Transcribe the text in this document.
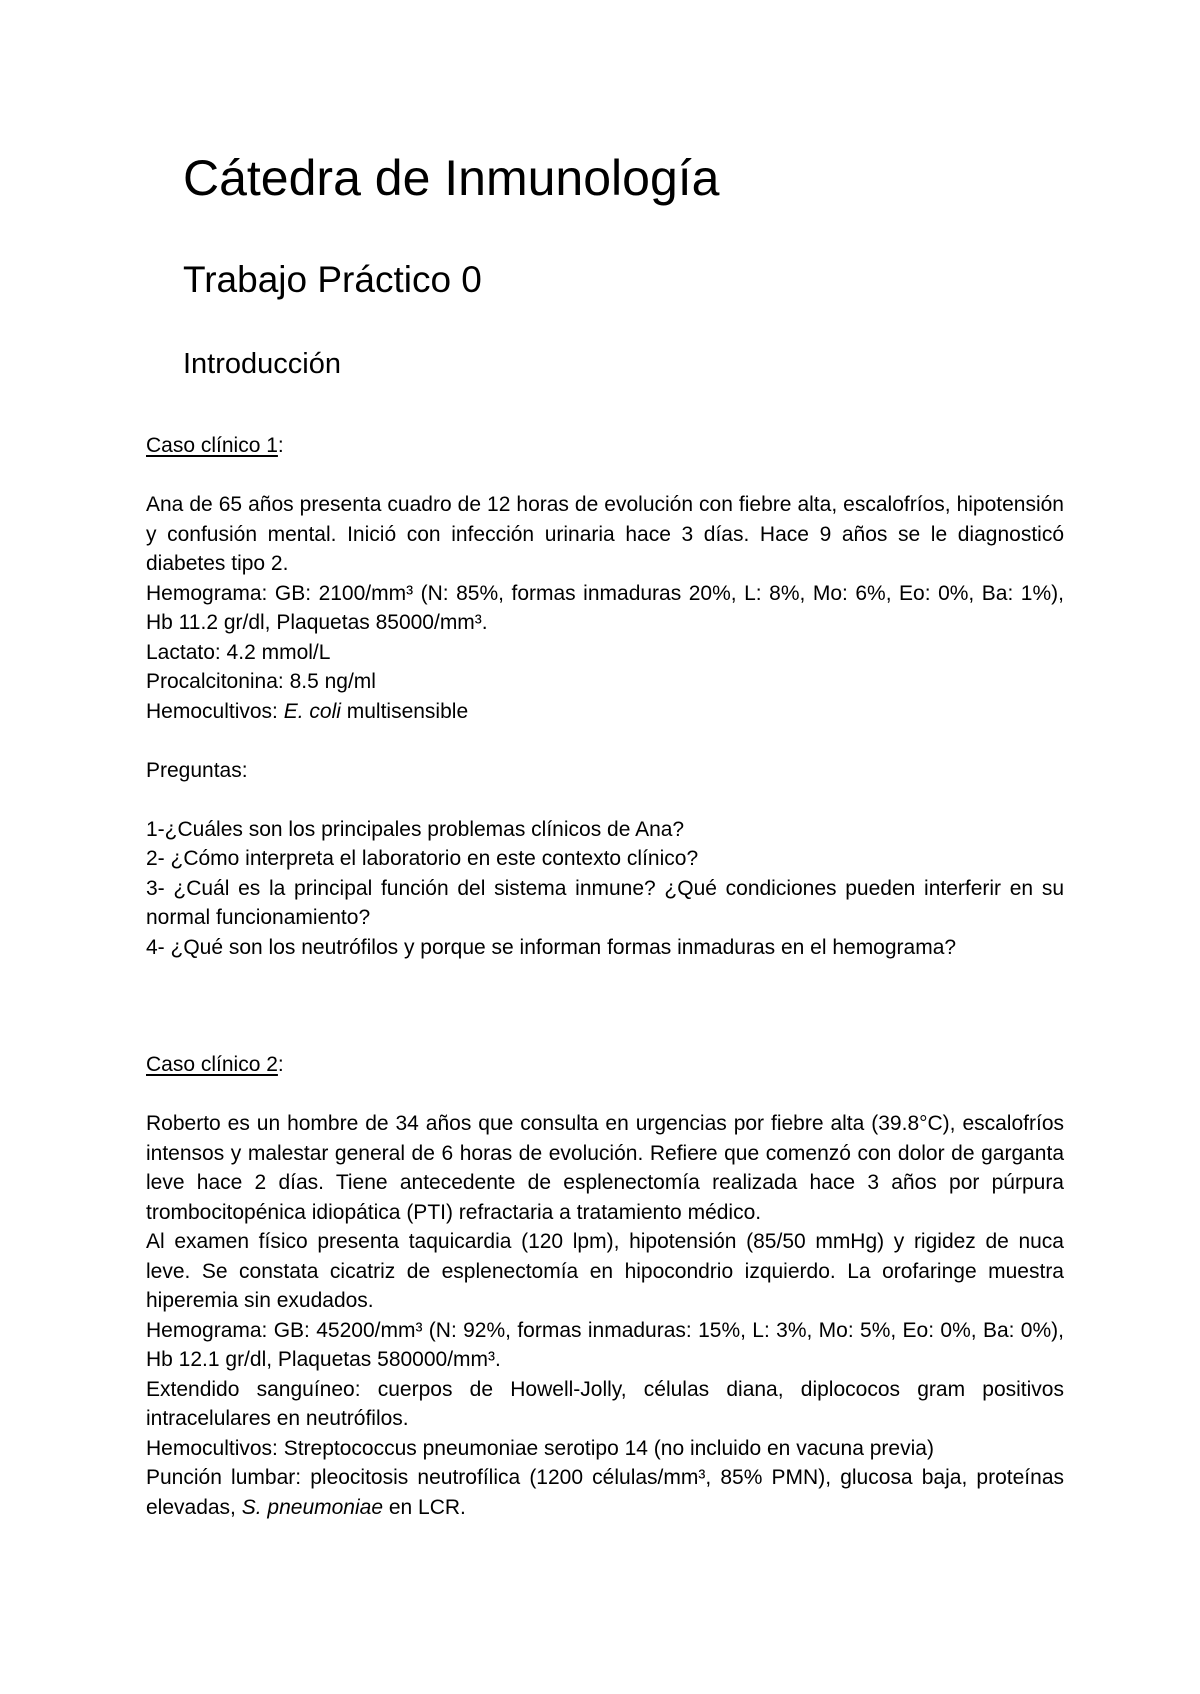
Cátedra de Inmunología
Trabajo Práctico 0
Introducción

Caso clínico 1:

Ana de 65 años presenta cuadro de 12 horas de evolución con fiebre alta, escalofríos, hipotensión y confusión mental. Inició con infección urinaria hace 3 días. Hace 9 años se le diagnosticó diabetes tipo 2.

Hemograma: GB: 2100/mm³ (N: 85%, formas inmaduras 20%, L: 8%, Mo: 6%, Eo: 0%, Ba: 1%), Hb 11.2 gr/dl, Plaquetas 85000/mm³.

Lactato: 4.2 mmol/L

Procalcitonina: 8.5 ng/ml

Hemocultivos: E. coli multisensible

Preguntas:

1-¿Cuáles son los principales problemas clínicos de Ana?

2- ¿Cómo interpreta el laboratorio en este contexto clínico?

3- ¿Cuál es la principal función del sistema inmune? ¿Qué condiciones pueden interferir en su normal funcionamiento?

4- ¿Qué son los neutrófilos y porque se informan formas inmaduras en el hemograma?

Caso clínico 2:

Roberto es un hombre de 34 años que consulta en urgencias por fiebre alta (39.8°C), escalofríos intensos y malestar general de 6 horas de evolución. Refiere que comenzó con dolor de garganta leve hace 2 días. Tiene antecedente de esplenectomía realizada hace 3 años por púrpura trombocitopénica idiopática (PTI) refractaria a tratamiento médico.

Al examen físico presenta taquicardia (120 lpm), hipotensión (85/50 mmHg) y rigidez de nuca leve. Se constata cicatriz de esplenectomía en hipocondrio izquierdo. La orofaringe muestra hiperemia sin exudados.

Hemograma: GB: 45200/mm³ (N: 92%, formas inmaduras: 15%, L: 3%, Mo: 5%, Eo: 0%, Ba: 0%), Hb 12.1 gr/dl, Plaquetas 580000/mm³.

Extendido sanguíneo: cuerpos de Howell-Jolly, células diana, diplococos gram positivos intracelulares en neutrófilos.

Hemocultivos: Streptococcus pneumoniae serotipo 14 (no incluido en vacuna previa)

Punción lumbar: pleocitosis neutrofílica (1200 células/mm³, 85% PMN), glucosa baja, proteínas elevadas, S. pneumoniae en LCR.
